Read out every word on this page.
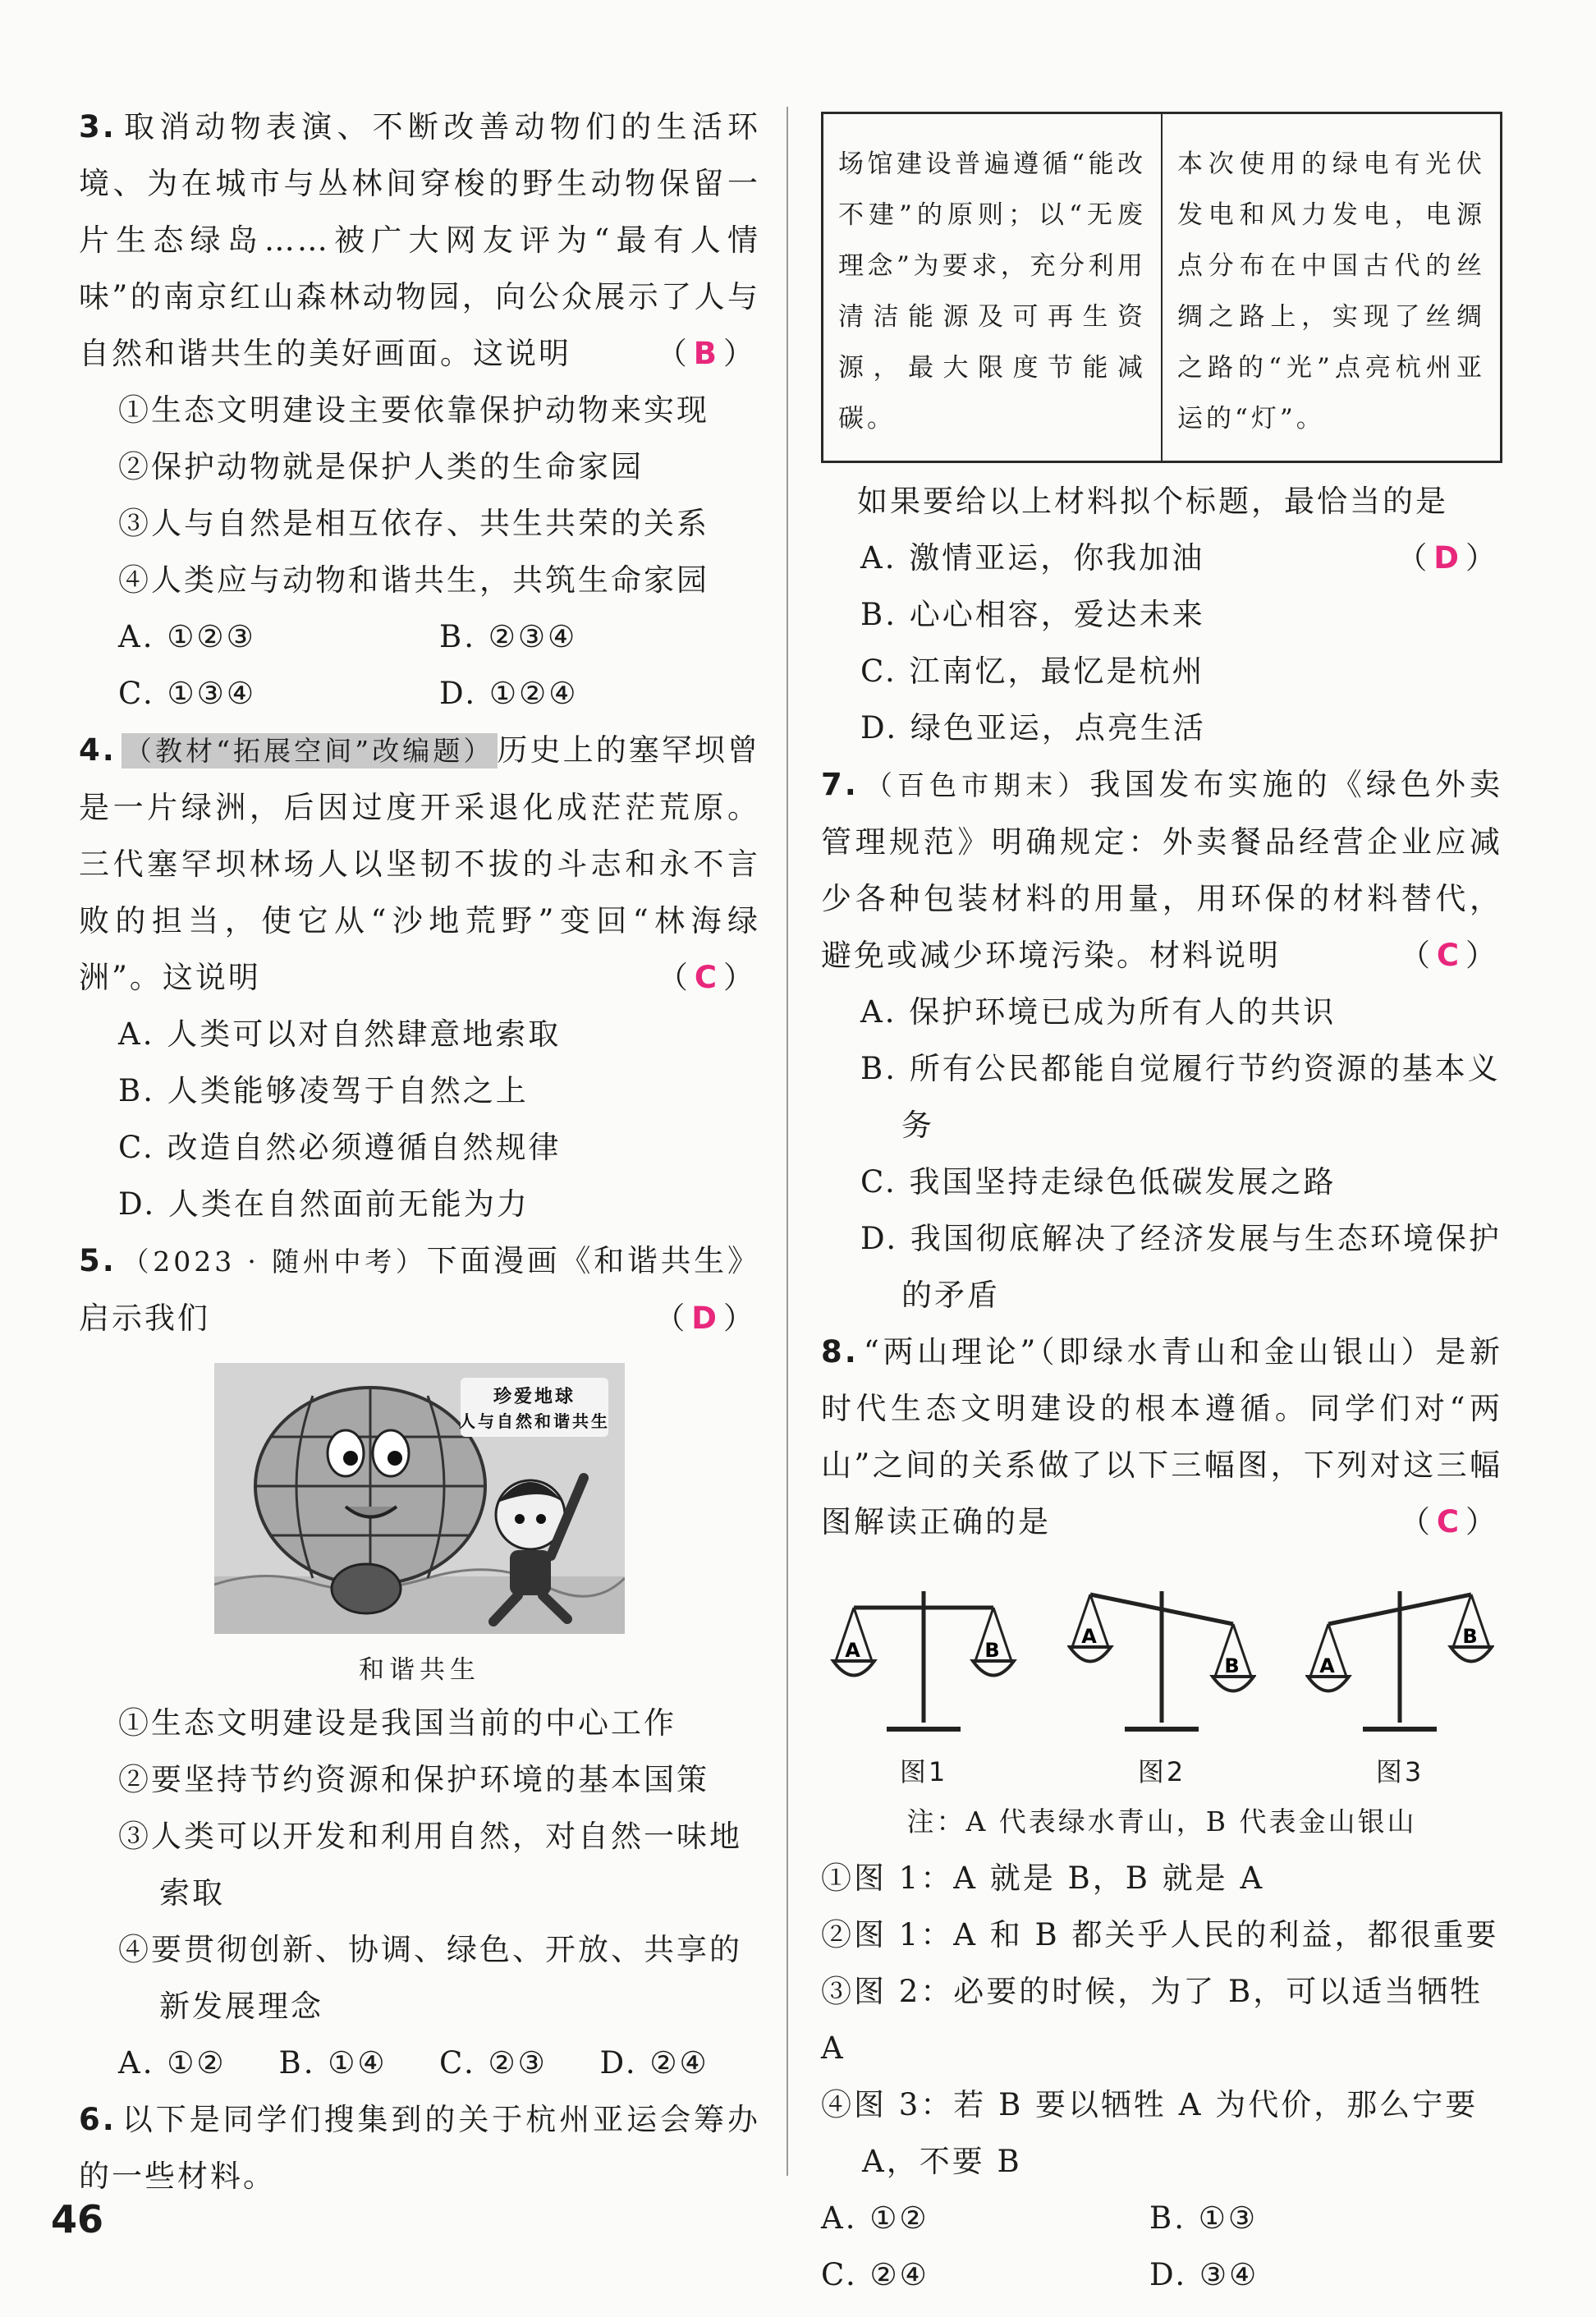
3. 取消动物表演、不断改善动物们的生活环境、为在城市与丛林间穿梭的野生动物保留一片生态绿岛……被广大网友评为“最有人情味”的南京红山森林动物园，向公众展示了人与自然和谐共生的美好画面。这说明	（B）
①生态文明建设主要依靠保护动物来实现
②保护动物就是保护人类的生命家园
③人与自然是相互依存、共生共荣的关系
④人类应与动物和谐共生，共筑生命家园
A. ①②③	B. ②③④
C. ①③④	D. ①②④
4. （教材“拓展空间”改编题） 历史上的塞罕坝曾是一片绿洲，后因过度开采退化成茫茫荒原。三代塞罕坝林场人以坚韧不拔的斗志和永不言败的担当，使它从“沙地荒野”变回“林海绿洲”。这说明	（C）
A. 人类可以对自然肆意地索取
B. 人类能够凌驾于自然之上
C. 改造自然必须遵循自然规律
D. 人类在自然面前无能为力
5. （2023 · 随州中考）下面漫画《和谐共生》启示我们	（D）
珍爱地球
人与自然和谐共生
和谐共生
①生态文明建设是我国当前的中心工作
②要坚持节约资源和保护环境的基本国策
③人类可以开发和利用自然，对自然一味地索取
④要贯彻创新、协调、绿色、开放、共享的新发展理念
A. ①②	B. ①④	C. ②③	D. ②④
6. 以下是同学们搜集到的关于杭州亚运会筹办的一些材料。
场馆建设普遍遵循“能改不建”的原则；以“无废理念”为要求，充分利用清洁能源及可再生资源，最大限度节能减碳。
本次使用的绿电有光伏发电和风力发电，电源点分布在中国古代的丝绸之路上，实现了丝绸之路的“光”点亮杭州亚运的“灯”。
如果要给以上材料拟个标题，最恰当的是
（D）
A. 激情亚运，你我加油
B. 心心相容，爱达未来
C. 江南忆，最忆是杭州
D. 绿色亚运，点亮生活
7. （百色市期末）我国发布实施的《绿色外卖管理规范》明确规定：外卖餐品经营企业应减少各种包装材料的用量，用环保的材料替代，避免或减少环境污染。材料说明	（C）
A. 保护环境已成为所有人的共识
B. 所有公民都能自觉履行节约资源的基本义务
C. 我国坚持走绿色低碳发展之路
D. 我国彻底解决了经济发展与生态环境保护的矛盾
8. “两山理论”（即绿水青山和金山银山）是新时代生态文明建设的根本遵循。同学们对“两山”之间的关系做了以下三幅图，下列对这三幅图解读正确的是	（C）
A	B
图1
A
B
图2
A
B
图3
注：A 代表绿水青山，B 代表金山银山
①图 1：A 就是 B，B 就是 A
②图 1：A 和 B 都关乎人民的利益，都很重要
③图 2：必要的时候，为了 B，可以适当牺牲 A
④图 3：若 B 要以牺牲 A 为代价，那么宁要 A，不要 B
A. ①②	B. ①③
C. ②④	D. ③④
46
